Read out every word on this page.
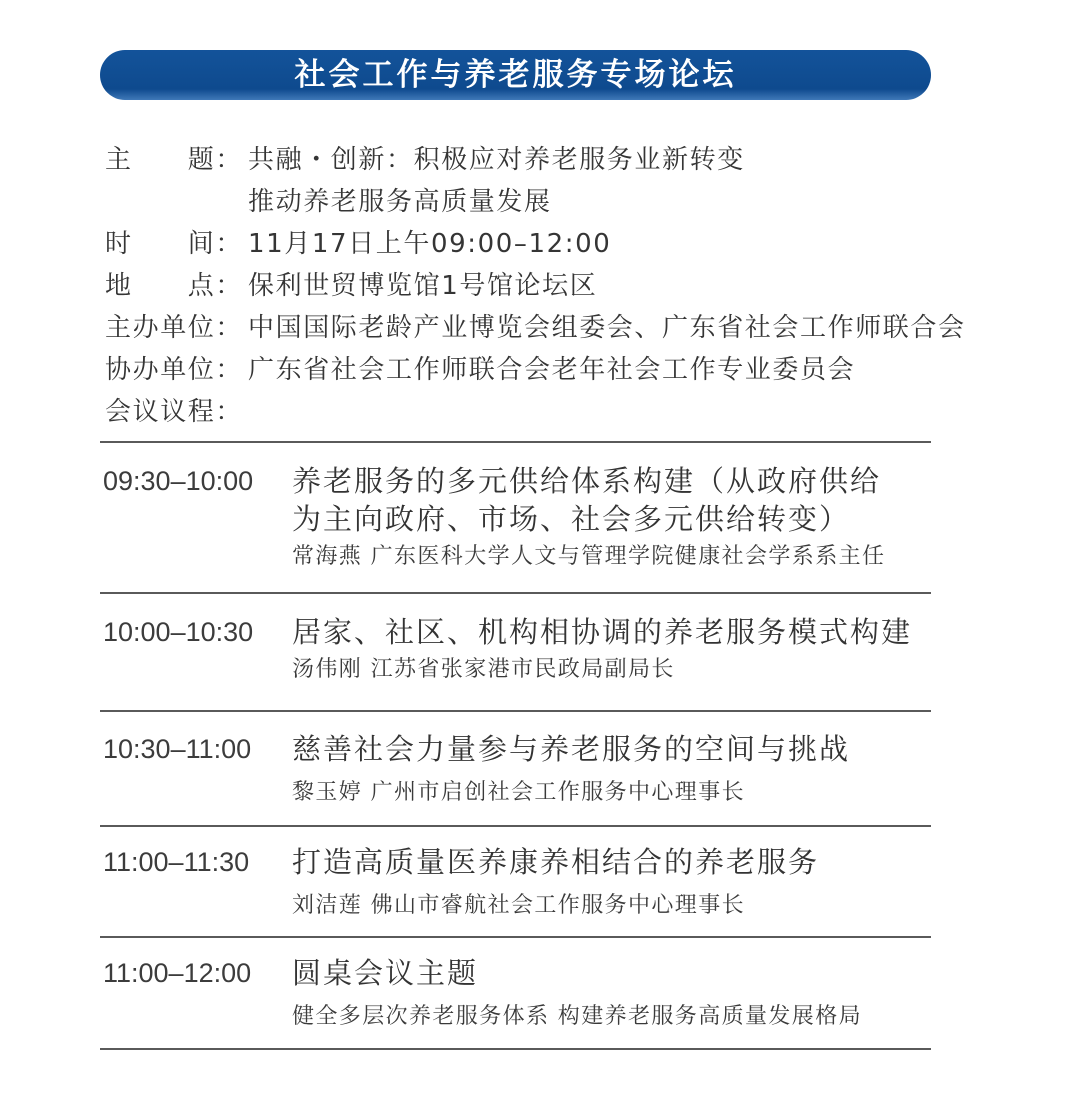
社会工作与养老服务专场论坛
主　　题： 共融・创新：积极应对养老服务业新转变
推动养老服务高质量发展
时　　间： 11月17日上午09:00–12:00
地　　点： 保利世贸博览馆1号馆论坛区
主办单位： 中国国际老龄产业博览会组委会、广东省社会工作师联合会
协办单位： 广东省社会工作师联合会老年社会工作专业委员会
会议议程：
09:30–10:00 养老服务的多元供给体系构建（从政府供给
为主向政府、市场、社会多元供给转变）
常海燕 广东医科大学人文与管理学院健康社会学系系主任
10:00–10:30 居家、社区、机构相协调的养老服务模式构建
汤伟刚 江苏省张家港市民政局副局长
10:30–11:00 慈善社会力量参与养老服务的空间与挑战
黎玉婷 广州市启创社会工作服务中心理事长
11:00–11:30 打造高质量医养康养相结合的养老服务
刘洁莲 佛山市睿航社会工作服务中心理事长
11:00–12:00 圆桌会议主题
健全多层次养老服务体系 构建养老服务高质量发展格局
